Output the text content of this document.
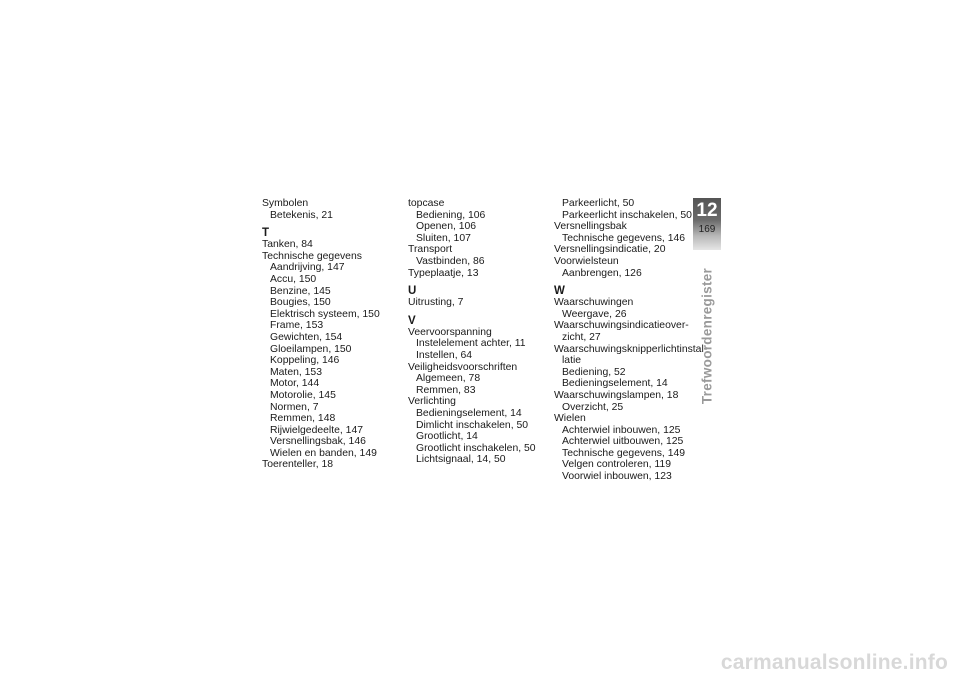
Symbolen
Betekenis, 21
T
Tanken, 84
Technische gegevens
Aandrijving, 147
Accu, 150
Benzine, 145
Bougies, 150
Elektrisch systeem, 150
Frame, 153
Gewichten, 154
Gloeilampen, 150
Koppeling, 146
Maten, 153
Motor, 144
Motorolie, 145
Normen, 7
Remmen, 148
Rijwielgedeelte, 147
Versnellingsbak, 146
Wielen en banden, 149
Toerenteller, 18
topcase
Bediening, 106
Openen, 106
Sluiten, 107
Transport
Vastbinden, 86
Typeplaatje, 13
U
Uitrusting, 7
V
Veervoorspanning
Instelelement achter, 11
Instellen, 64
Veiligheidsvoorschriften
Algemeen, 78
Remmen, 83
Verlichting
Bedieningselement, 14
Dimlicht inschakelen, 50
Grootlicht, 14
Grootlicht inschakelen, 50
Lichtsignaal, 14, 50
Parkeerlicht, 50
Parkeerlicht inschakelen, 50
Versnellingsbak
Technische gegevens, 146
Versnellingsindicatie, 20
Voorwielsteun
Aanbrengen, 126
W
Waarschuwingen
Weergave, 26
Waarschuwingsindicatieover-
zicht, 27
Waarschuwingsknipperlichtinstal-
latie
Bediening, 52
Bedieningselement, 14
Waarschuwingslampen, 18
Overzicht, 25
Wielen
Achterwiel inbouwen, 125
Achterwiel uitbouwen, 125
Technische gegevens, 149
Velgen controleren, 119
Voorwiel inbouwen, 123
12
169
Trefwoordenregister
carmanualsonline.info
